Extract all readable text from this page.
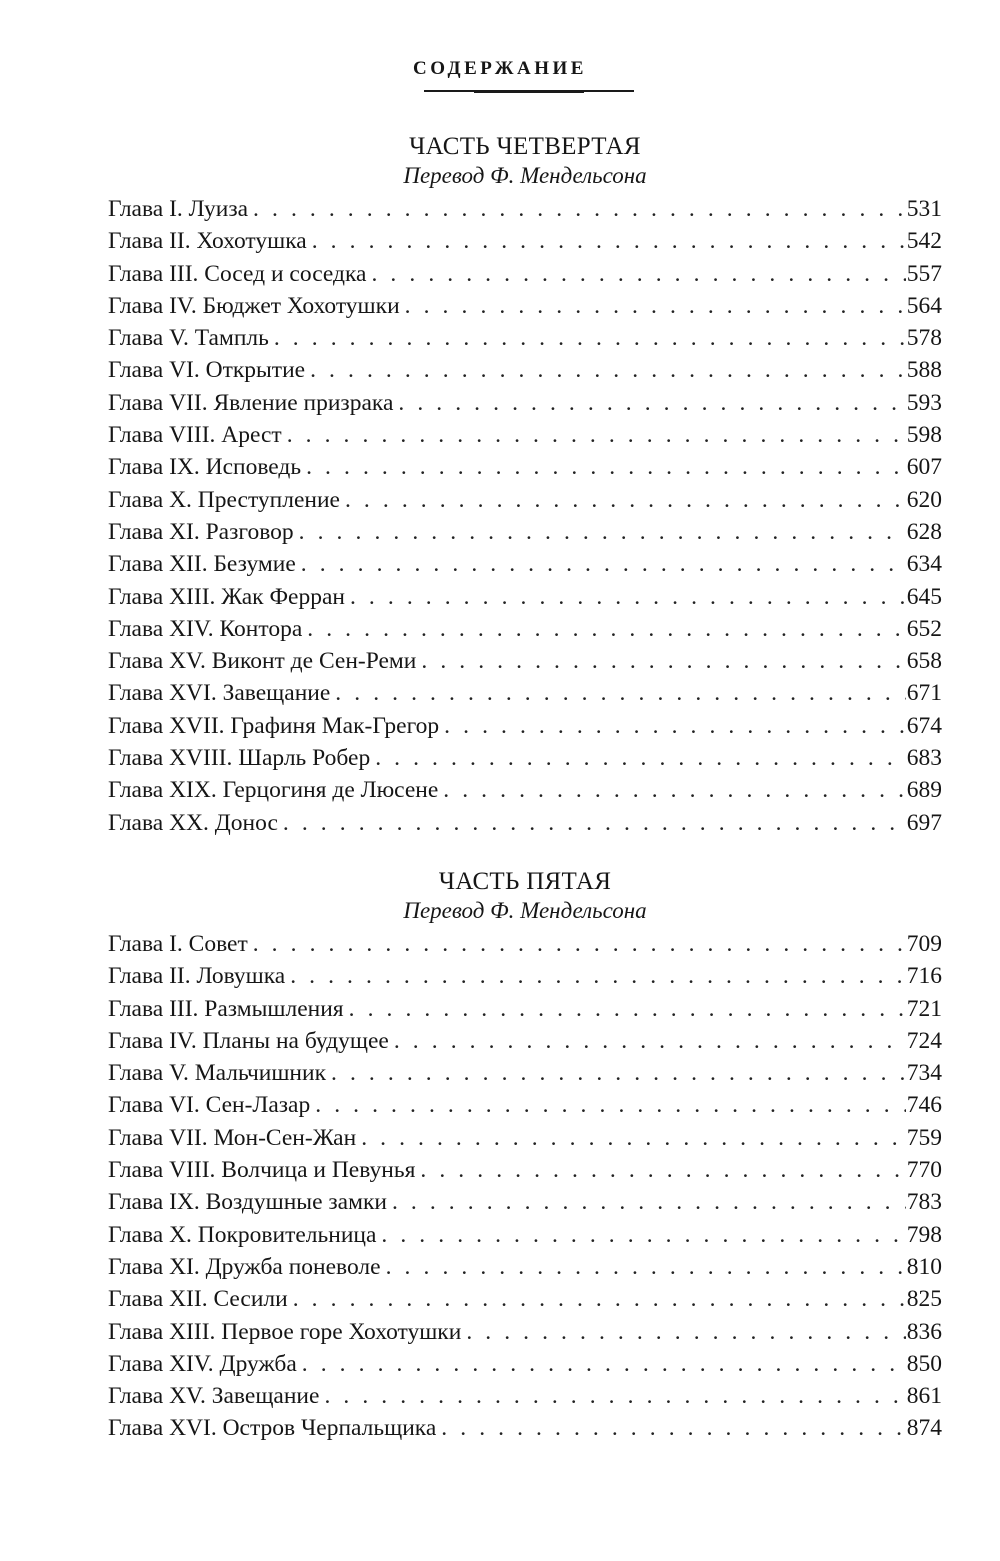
СОДЕРЖАНИЕ
ЧАСТЬ ЧЕТВЕРТАЯ
Перевод Ф. Мендельсона
Глава I. Луиза . . .	531
Глава II. Хохотушка . . .	542
Глава III. Сосед и соседка . . .	557
Глава IV. Бюджет Хохотушки . . .	564
Глава V. Тампль . . .	578
Глава VI. Открытие . . .	588
Глава VII. Явление призрака . . .	593
Глава VIII. Арест . . .	598
Глава IX. Исповедь . . .	607
Глава X. Преступление . . .	620
Глава XI. Разговор . . .	628
Глава XII. Безумие . . .	634
Глава XIII. Жак Ферран . . .	645
Глава XIV. Контора . . .	652
Глава XV. Виконт де Сен-Реми . . .	658
Глава XVI. Завещание . . .	671
Глава XVII. Графиня Мак-Грегор . . .	674
Глава XVIII. Шарль Робер . . .	683
Глава XIX. Герцогиня де Люсене . . .	689
Глава XX. Донос . . .	697
ЧАСТЬ ПЯТАЯ
Перевод Ф. Мендельсона
Глава I. Совет . . .	709
Глава II. Ловушка . . .	716
Глава III. Размышления . . .	721
Глава IV. Планы на будущее . . .	724
Глава V. Мальчишник . . .	734
Глава VI. Сен-Лазар . . .	746
Глава VII. Мон-Сен-Жан . . .	759
Глава VIII. Волчица и Певунья . . .	770
Глава IX. Воздушные замки . . .	783
Глава X. Покровительница . . .	798
Глава XI. Дружба поневоле . . .	810
Глава XII. Сесили . . .	825
Глава XIII. Первое горе Хохотушки . . .	836
Глава XIV. Дружба . . .	850
Глава XV. Завещание . . .	861
Глава XVI. Остров Черпальщика . . .	874
